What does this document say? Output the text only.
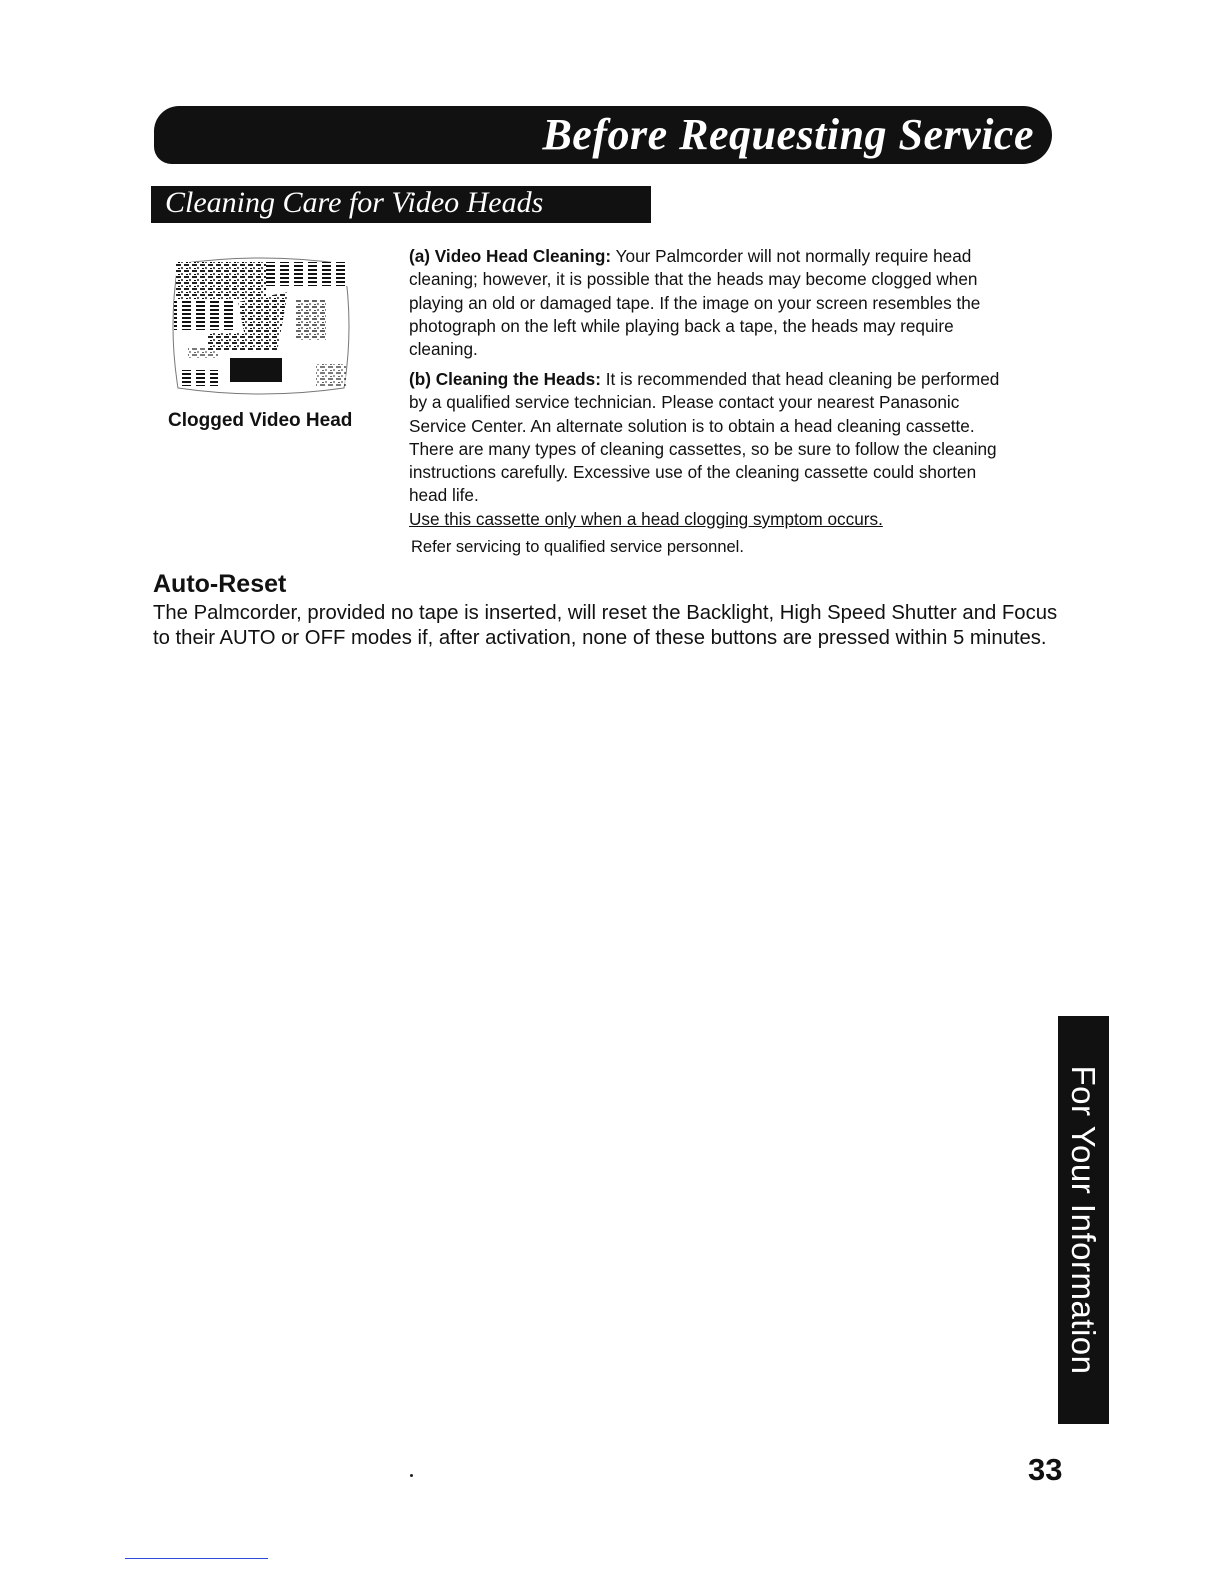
Before Requesting Service
Cleaning Care for Video Heads
Clogged Video Head

(a) Video Head Cleaning: Your Palmcorder will not normally require head cleaning; however, it is possible that the heads may become clogged when playing an old or damaged tape. If the image on your screen resembles the photograph on the left while playing back a tape, the heads may require cleaning.

(b) Cleaning the Heads: It is recommended that head cleaning be performed by a qualified service technician. Please contact your nearest Panasonic Service Center. An alternate solution is to obtain a head cleaning cassette. There are many types of cleaning cassettes, so be sure to follow the cleaning instructions carefully. Excessive use of the cleaning cassette could shorten head life.
Use this cassette only when a head clogging symptom occurs.

Refer servicing to qualified service personnel.
Auto-Reset

The Palmcorder, provided no tape is inserted, will reset the Backlight, High Speed Shutter and Focus to their AUTO or OFF modes if, after activation, none of these buttons are pressed within 5 minutes.

For Your Information
33
